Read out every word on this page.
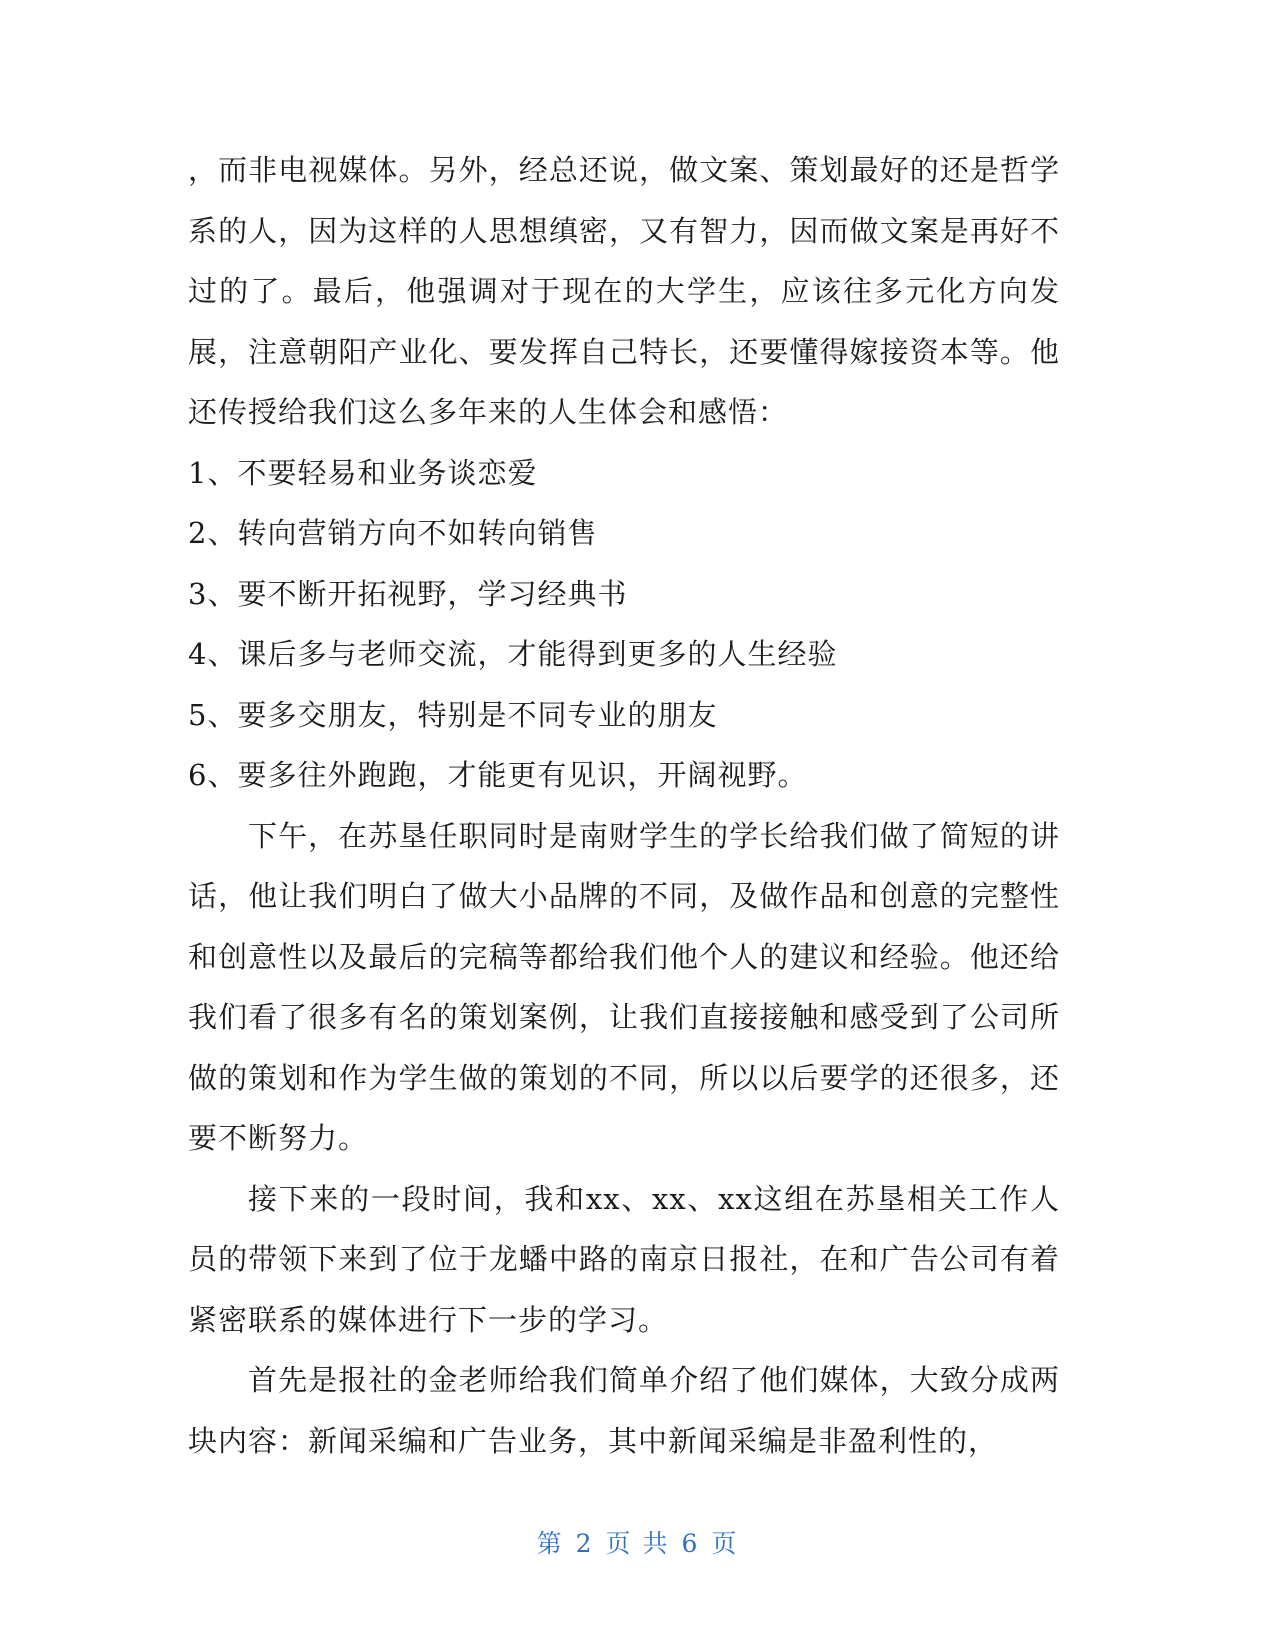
，而非电视媒体。另外，经总还说，做文案、策划最好的还是哲学系的人，因为这样的人思想缜密，又有智力，因而做文案是再好不过的了。最后，他强调对于现在的大学生，应该往多元化方向发展，注意朝阳产业化、要发挥自己特长，还要懂得嫁接资本等。他还传授给我们这么多年来的人生体会和感悟：

1、不要轻易和业务谈恋爱

2、转向营销方向不如转向销售

3、要不断开拓视野，学习经典书

4、课后多与老师交流，才能得到更多的人生经验

5、要多交朋友，特别是不同专业的朋友

6、要多往外跑跑，才能更有见识，开阔视野。

下午，在苏垦任职同时是南财学生的学长给我们做了简短的讲话，他让我们明白了做大小品牌的不同，及做作品和创意的完整性和创意性以及最后的完稿等都给我们他个人的建议和经验。他还给我们看了很多有名的策划案例，让我们直接接触和感受到了公司所做的策划和作为学生做的策划的不同，所以以后要学的还很多，还要不断努力。

接下来的一段时间，我和xx、xx、xx这组在苏垦相关工作人员的带领下来到了位于龙蟠中路的南京日报社，在和广告公司有着紧密联系的媒体进行下一步的学习。

首先是报社的金老师给我们简单介绍了他们媒体，大致分成两块内容：新闻采编和广告业务，其中新闻采编是非盈利性的，

第 2 页 共 6 页
